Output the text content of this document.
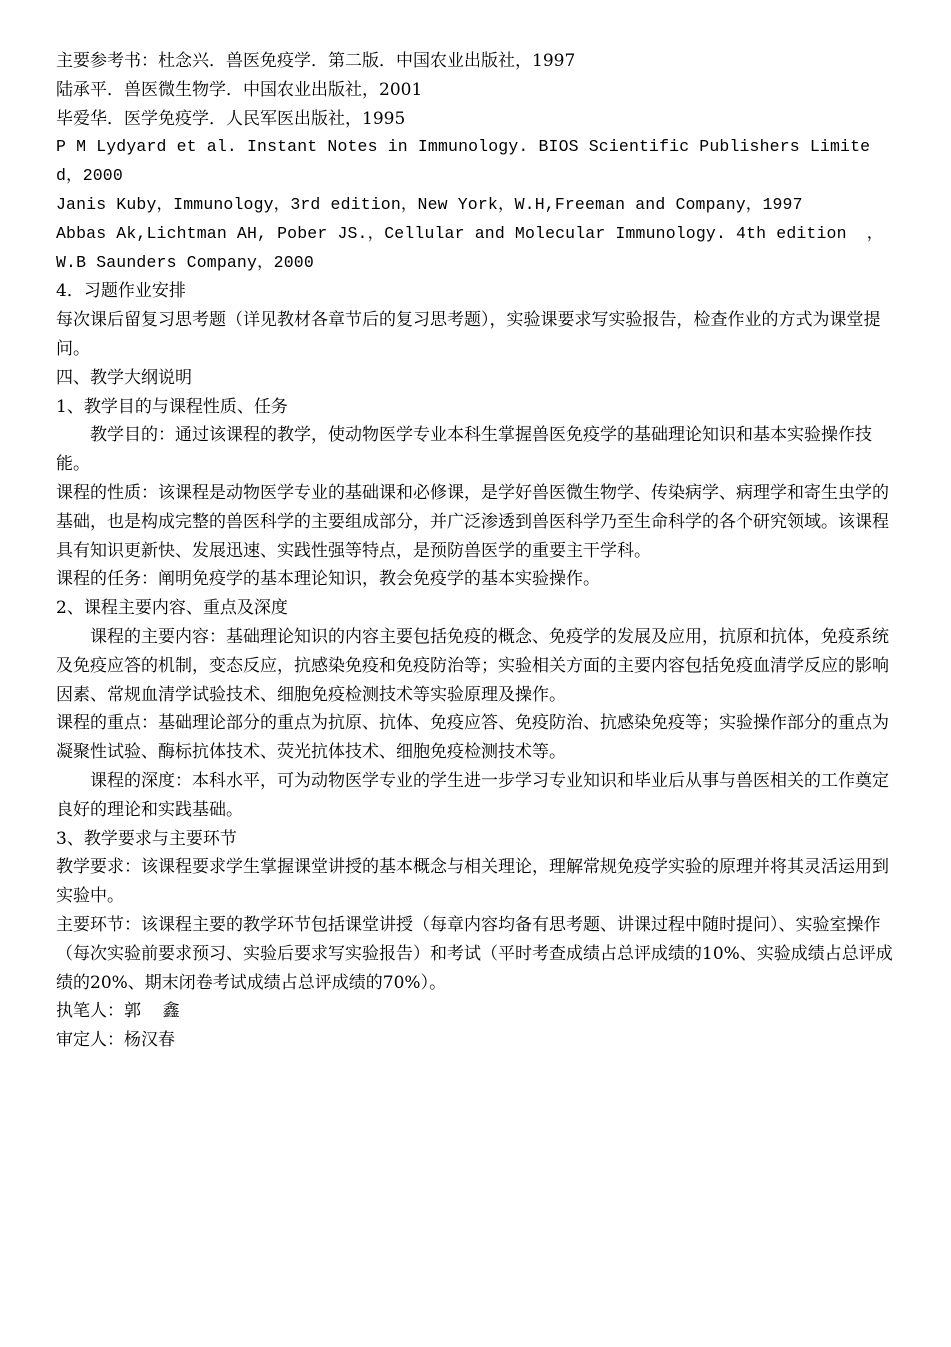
主要参考书：杜念兴．兽医免疫学．第二版．中国农业出版社，1997
陆承平．兽医微生物学．中国农业出版社，2001
毕爱华．医学免疫学．人民军医出版社，1995
P M Lydyard et al. Instant Notes in Immunology. BIOS Scientific Publishers Limited，2000
Janis Kuby，Immunology，3rd edition，New York，W.H,Freeman and Company，1997
Abbas Ak,Lichtman AH, Pober JS.，Cellular and Molecular Immunology. 4th edition  ，W.B Saunders Company，2000
4．习题作业安排
每次课后留复习思考题（详见教材各章节后的复习思考题），实验课要求写实验报告，检查作业的方式为课堂提问。
四、教学大纲说明
1、教学目的与课程性质、任务
教学目的：通过该课程的教学，使动物医学专业本科生掌握兽医免疫学的基础理论知识和基本实验操作技能。
课程的性质：该课程是动物医学专业的基础课和必修课，是学好兽医微生物学、传染病学、病理学和寄生虫学的基础，也是构成完整的兽医科学的主要组成部分，并广泛渗透到兽医科学乃至生命科学的各个研究领域。该课程具有知识更新快、发展迅速、实践性强等特点，是预防兽医学的重要主干学科。
课程的任务：阐明免疫学的基本理论知识，教会免疫学的基本实验操作。
2、课程主要内容、重点及深度
课程的主要内容：基础理论知识的内容主要包括免疫的概念、免疫学的发展及应用，抗原和抗体，免疫系统及免疫应答的机制，变态反应，抗感染免疫和免疫防治等；实验相关方面的主要内容包括免疫血清学反应的影响因素、常规血清学试验技术、细胞免疫检测技术等实验原理及操作。
课程的重点：基础理论部分的重点为抗原、抗体、免疫应答、免疫防治、抗感染免疫等；实验操作部分的重点为凝聚性试验、酶标抗体技术、荧光抗体技术、细胞免疫检测技术等。
课程的深度：本科水平，可为动物医学专业的学生进一步学习专业知识和毕业后从事与兽医相关的工作奠定良好的理论和实践基础。
3、教学要求与主要环节
教学要求：该课程要求学生掌握课堂讲授的基本概念与相关理论，理解常规免疫学实验的原理并将其灵活运用到实验中。
主要环节：该课程主要的教学环节包括课堂讲授（每章内容均备有思考题、讲课过程中随时提问）、实验室操作（每次实验前要求预习、实验后要求写实验报告）和考试（平时考查成绩占总评成绩的10%、实验成绩占总评成绩的20%、期末闭卷考试成绩占总评成绩的70%）。
执笔人：郭    鑫
审定人：杨汉春
